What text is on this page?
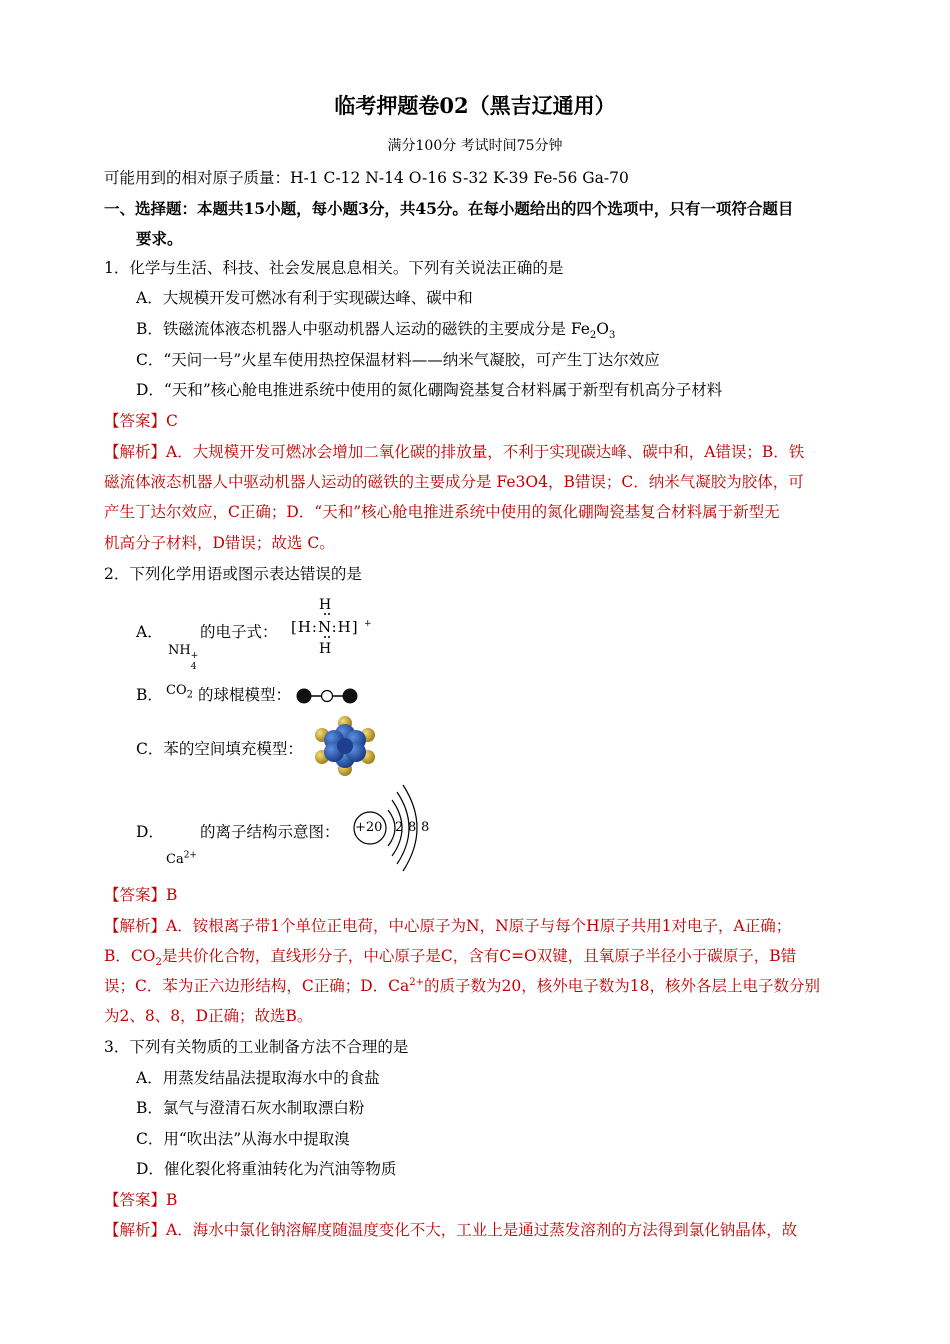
临考押题卷02（黑吉辽通用）
满分100分 考试时间75分钟
可能用到的相对原子质量：H-1 C-12 N-14 O-16 S-32 K-39 Fe-56 Ga-70
一、选择题：本题共15小题，每小题3分，共45分。在每小题给出的四个选项中，只有一项符合题目
要求。
1．化学与生活、科技、社会发展息息相关。下列有关说法正确的是
A．大规模开发可燃冰有利于实现碳达峰、碳中和
B．铁磁流体液态机器人中驱动机器人运动的磁铁的主要成分是 $Fe_2O_3$
C．“天问一号”火星车使用热控保温材料——纳米气凝胶，可产生丁达尔效应
D．“天和”核心舱电推进系统中使用的氮化硼陶瓷基复合材料属于新型有机高分子材料
【答案】C
【解析】A．大规模开发可燃冰会增加二氧化碳的排放量，不利于实现碳达峰、碳中和，A错误；B．铁
磁流体液态机器人中驱动机器人运动的磁铁的主要成分是 Fe3O4，B错误；C．纳米气凝胶为胶体，可
产生丁达尔效应，C正确；D．“天和”核心舱电推进系统中使用的氮化硼陶瓷基复合材料属于新型无
机高分子材料，D错误；故选 C。
2．下列化学用语或图示表达错误的是
A．
NH +
4
的电子式：
H
[H:N:H] +
H
B． $CO_2$ 的球棍模型：
C．苯的空间填充模型：
D．
$Ca^{2+}$
的离子结构示意图： +20 2 8 8
【答案】B
【解析】A．铵根离子带1个单位正电荷，中心原子为N，N原子与每个H原子共用1对电子，A正确；
B．$CO_2$是共价化合物，直线形分子，中心原子是C，含有C=O双键，且氧原子半径小于碳原子，B错
误；C．苯为正六边形结构，C正确；D．$Ca^{2+}$的质子数为20，核外电子数为18，核外各层上电子数分别
为2、8、8，D正确；故选B。
3．下列有关物质的工业制备方法不合理的是
A．用蒸发结晶法提取海水中的食盐
B．氯气与澄清石灰水制取漂白粉
C．用“吹出法”从海水中提取溴
D．催化裂化将重油转化为汽油等物质
【答案】B
【解析】A．海水中氯化钠溶解度随温度变化不大，工业上是通过蒸发溶剂的方法得到氯化钠晶体，故
